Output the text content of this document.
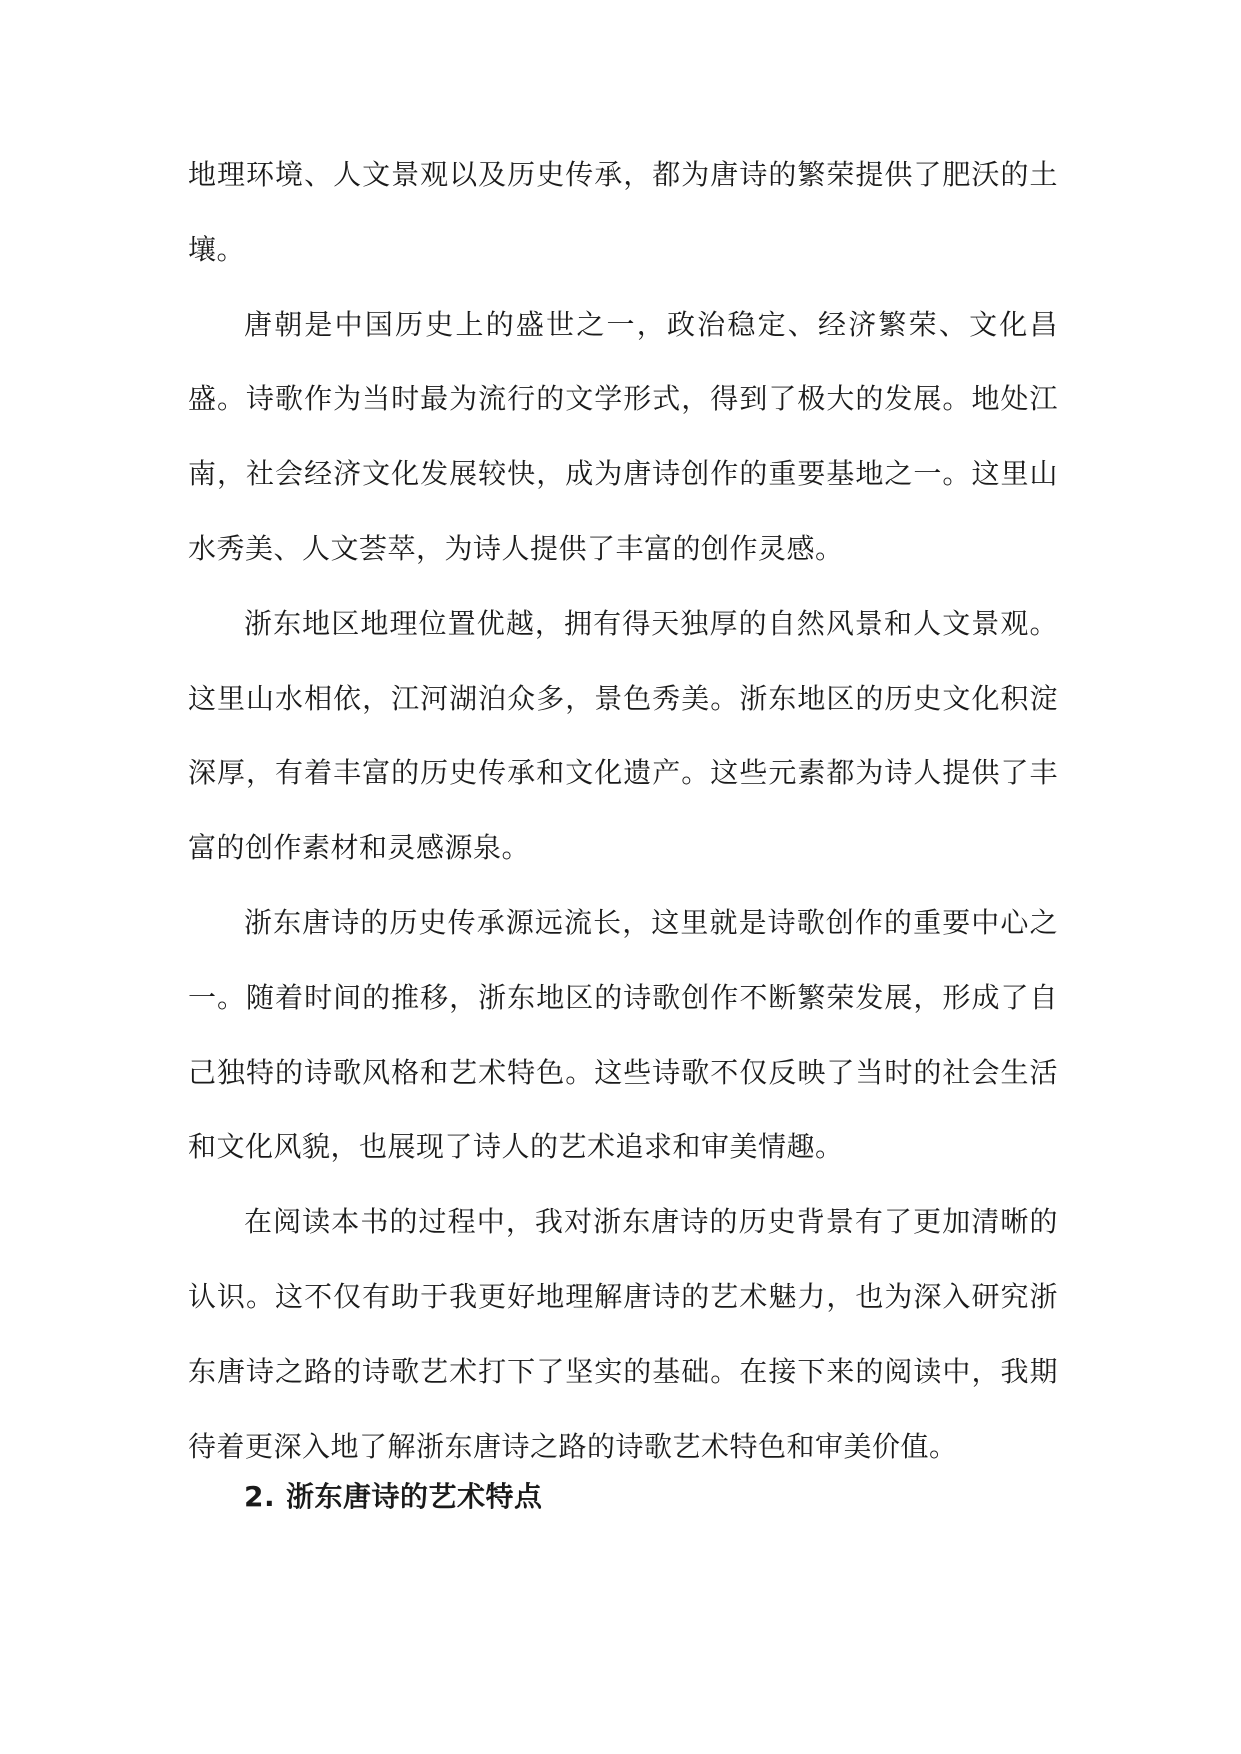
地理环境、人文景观以及历史传承，都为唐诗的繁荣提供了肥沃的土壤。

唐朝是中国历史上的盛世之一，政治稳定、经济繁荣、文化昌盛。诗歌作为当时最为流行的文学形式，得到了极大的发展。地处江南，社会经济文化发展较快，成为唐诗创作的重要基地之一。这里山水秀美、人文荟萃，为诗人提供了丰富的创作灵感。

浙东地区地理位置优越，拥有得天独厚的自然风景和人文景观。这里山水相依，江河湖泊众多，景色秀美。浙东地区的历史文化积淀深厚，有着丰富的历史传承和文化遗产。这些元素都为诗人提供了丰富的创作素材和灵感源泉。

浙东唐诗的历史传承源远流长，这里就是诗歌创作的重要中心之一。随着时间的推移，浙东地区的诗歌创作不断繁荣发展，形成了自己独特的诗歌风格和艺术特色。这些诗歌不仅反映了当时的社会生活和文化风貌，也展现了诗人的艺术追求和审美情趣。

在阅读本书的过程中，我对浙东唐诗的历史背景有了更加清晰的认识。这不仅有助于我更好地理解唐诗的艺术魅力，也为深入研究浙东唐诗之路的诗歌艺术打下了坚实的基础。在接下来的阅读中，我期待着更深入地了解浙东唐诗之路的诗歌艺术特色和审美价值。

2. 浙东唐诗的艺术特点
